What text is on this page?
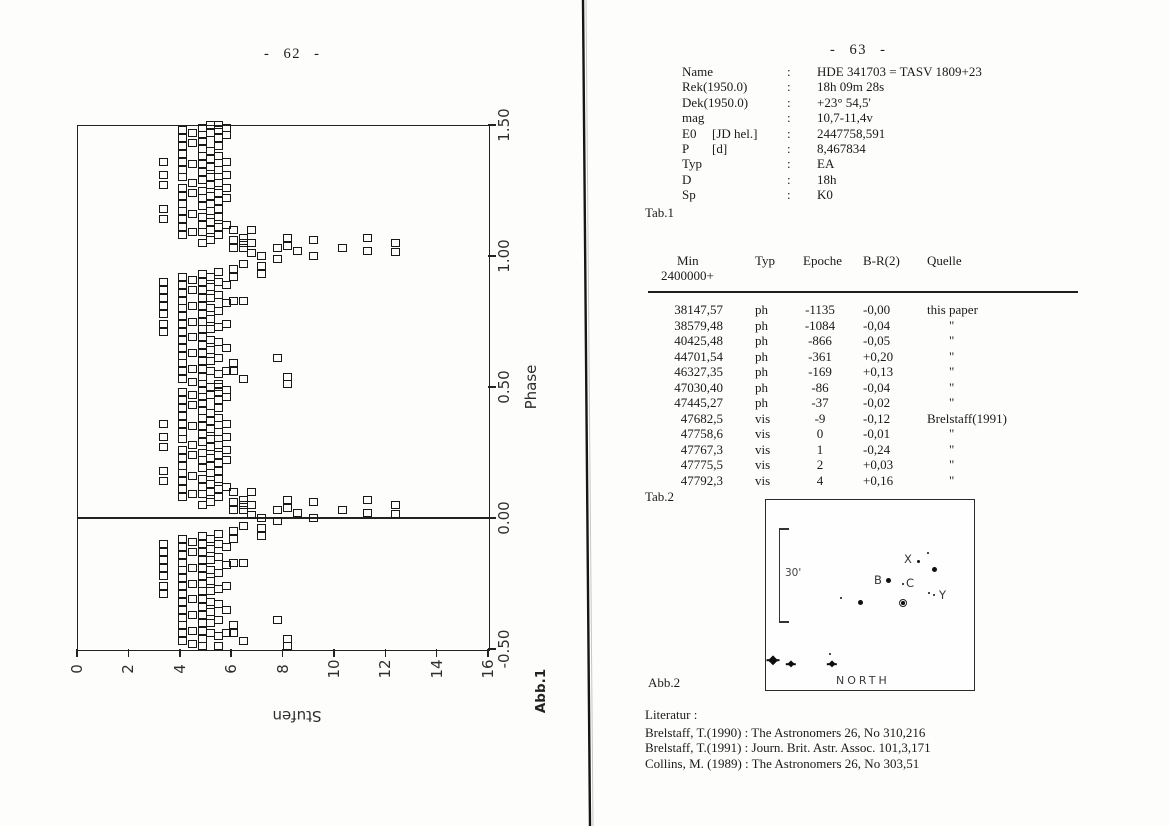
- 62 -
0 2 4 6 8 10 12 14 16
1.50
1.00
0.50
0.00
-0.50
Phase
Stufen
Abb.1
- 63 -
Name	: HDE 341703 = TASV 1809+23
Rek(1950.0)	: 18h 09m 28s
Dek(1950.0)	: +23° 54,5'
mag	: 10,7-11,4v
E0 [JD hel.] : 2447758,591
P [d]	: 8,467834
Typ	: EA
D	: 18h
Sp	: K0
Tab.1
Min
2400000+
Typ Epoche B-R(2) Quelle
38147,57 ph	-1135	-0,00	this paper
38579,48 ph	-1084	-0,04	"
40425,48 ph	-866	-0,05	"
44701,54 ph	-361	+0,20	"
46327,35 ph	-169	+0,13	"
47030,40 ph	-86	-0,04	"
47445,27 ph	-37	-0,02	"
47682,5 vis	-9	-0,12	Brelstaff(1991)
47758,6 vis	0	-0,01	"
47767,3 vis	1	-0,24	"
47775,5 vis	2	+0,03	"
47792,3 vis	4	+0,16	"
Tab.2
30'
X
B C
Y
NORTH
Abb.2
Literatur :
Brelstaff, T.(1990) : The Astronomers 26, No 310,216
Brelstaff, T.(1991) : Journ. Brit. Astr. Assoc. 101,3,171
Collins, M. (1989) : The Astronomers 26, No 303,51
